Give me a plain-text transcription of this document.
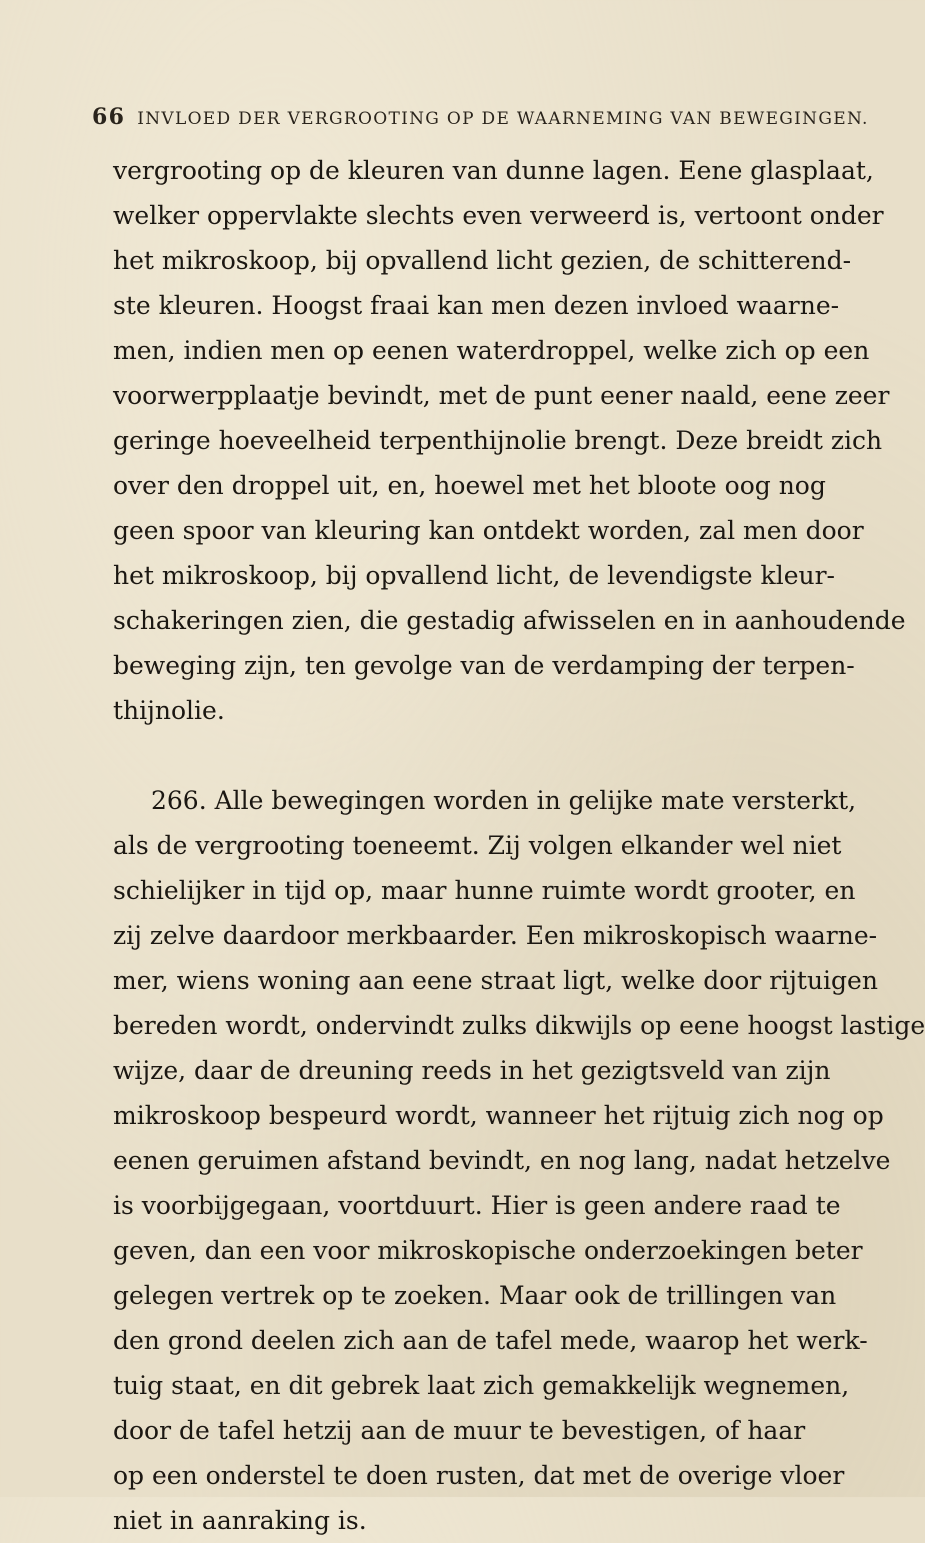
66 INVLOED DER VERGROOTING OP DE WAARNEMING VAN BEWEGINGEN.
vergrooting op de kleuren van dunne lagen. Eene glasplaat,
welker oppervlakte slechts even verweerd is, vertoont onder
het mikroskoop, bij opvallend licht gezien, de schitterend-
ste kleuren. Hoogst fraai kan men dezen invloed waarne-
men, indien men op eenen waterdroppel, welke zich op een
voorwerpplaatje bevindt, met de punt eener naald, eene zeer
geringe hoeveelheid terpenthijnolie brengt. Deze breidt zich
over den droppel uit, en, hoewel met het bloote oog nog
geen spoor van kleuring kan ontdekt worden, zal men door
het mikroskoop, bij opvallend licht, de levendigste kleur-
schakeringen zien, die gestadig afwisselen en in aanhoudende
beweging zijn, ten gevolge van de verdamping der terpen-
thijnolie.
266. Alle bewegingen worden in gelijke mate versterkt,
als de vergrooting toeneemt. Zij volgen elkander wel niet
schielijker in tijd op, maar hunne ruimte wordt grooter, en
zij zelve daardoor merkbaarder. Een mikroskopisch waarne-
mer, wiens woning aan eene straat ligt, welke door rijtuigen
bereden wordt, ondervindt zulks dikwijls op eene hoogst lastige
wijze, daar de dreuning reeds in het gezigtsveld van zijn
mikroskoop bespeurd wordt, wanneer het rijtuig zich nog op
eenen geruimen afstand bevindt, en nog lang, nadat hetzelve
is voorbijgegaan, voortduurt. Hier is geen andere raad te
geven, dan een voor mikroskopische onderzoekingen beter
gelegen vertrek op te zoeken. Maar ook de trillingen van
den grond deelen zich aan de tafel mede, waarop het werk-
tuig staat, en dit gebrek laat zich gemakkelijk wegnemen,
door de tafel hetzij aan de muur te bevestigen, of haar
op een onderstel te doen rusten, dat met de overige vloer
niet in aanraking is.
